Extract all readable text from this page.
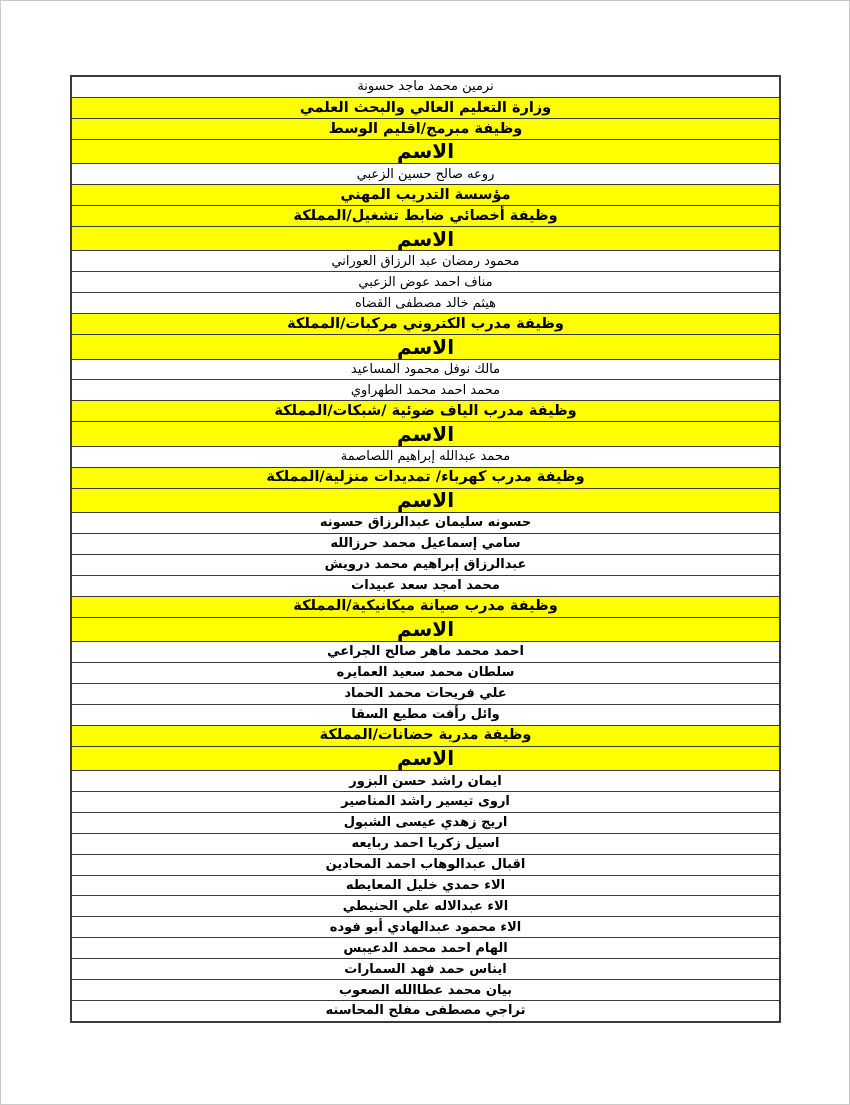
نرمين محمد ماجد حسونة
وزارة التعليم العالي والبحث العلمي
وظيفة مبرمج/اقليم الوسط
الاسم
روعه صالح حسين الزعبي
مؤسسة التدريب المهني
وظيفة أخصائي ضابط تشغيل/المملكة
الاسم
محمود رمضان عبد الرزاق العوراني
مناف احمد عوض الزعبي
هيثم خالد مصطفى القضاه
وظيفة مدرب الكتروني مركبات/المملكة
الاسم
مالك نوفل محمود المساعيد
محمد احمد محمد الطهراوي
وظيفة مدرب الياف ضوئية /شبكات/المملكة
الاسم
محمد عبدالله إبراهيم اللصاصمة
وظيفة مدرب كهرباء/ تمديدات منزلية/المملكة
الاسم
حسونه سليمان عبدالرزاق حسونه
سامي إسماعيل محمد حرزالله
عبدالرزاق إبراهيم محمد درويش
محمد امجد سعد عبيدات
وظيفة مدرب صيانة ميكانيكية/المملكة
الاسم
احمد محمد ماهر صالح الجراعي
سلطان محمد سعيد العمايره
علي فريحات محمد الحماد
وائل رأفت مطيع السقا
وظيفة مدرية حضانات/المملكة
الاسم
ايمان راشد حسن البزور
اروى تيسير راشد المناصير
اريج زهدي عيسى الشبول
اسيل زكريا احمد ربايعه
اقبال عبدالوهاب احمد المحادين
الاء حمدي خليل المعايطه
الاء عبدالاله علي الحنيطي
الاء محمود عبدالهادي أبو فوده
الهام احمد محمد الدعيبس
ايناس حمد فهد السمارات
بيان محمد عطاالله الصعوب
تراجي مصطفى مفلح المحاسنه
